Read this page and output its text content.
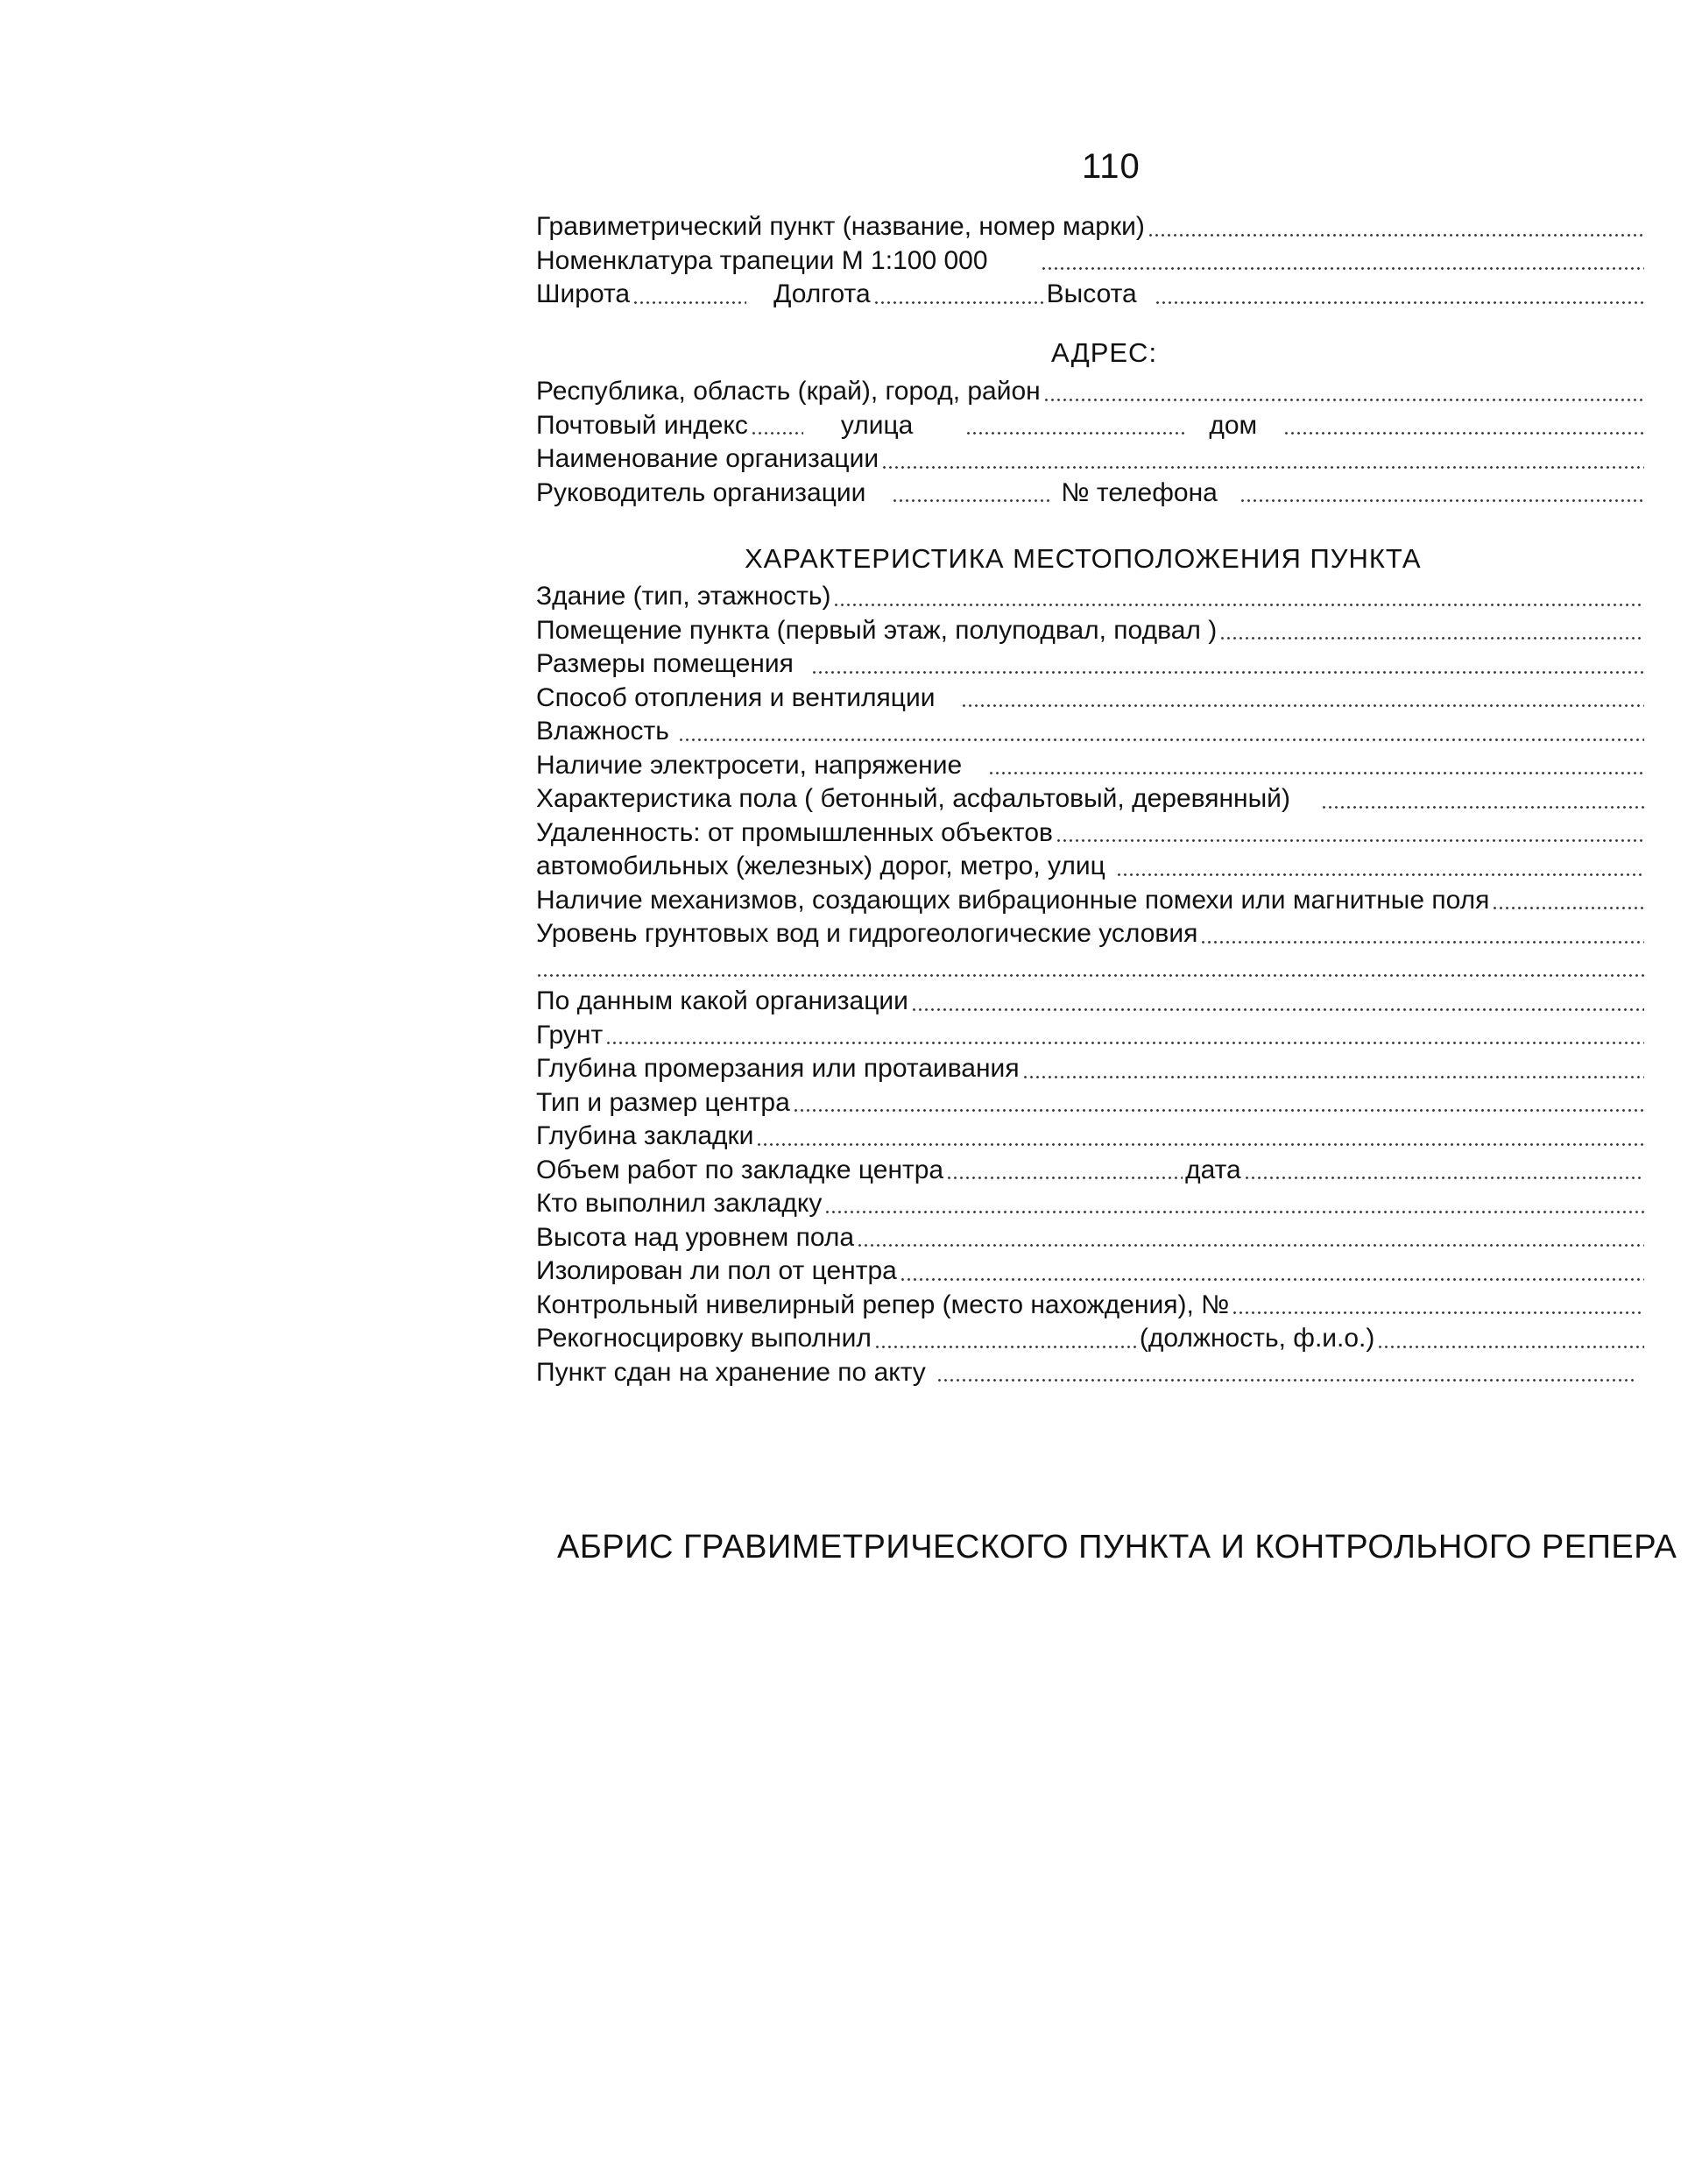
110
Гравиметрический пункт (название, номер марки)
Номенклатура трапеции М 1:100 000
Широта	Долгота	Высота
АДРЕС:
Республика, область (край), город, район
Почтовый индекс	улица	дом
Наименование организации
Руководитель организации	№ телефона
ХАРАКТЕРИСТИКА МЕСТОПОЛОЖЕНИЯ ПУНКТА
Здание (тип, этажность)
Помещение пункта (первый этаж, полуподвал, подвал )
Размеры помещения
Способ отопления и вентиляции
Влажность
Наличие электросети, напряжение
Характеристика пола ( бетонный, асфальтовый, деревянный)
Удаленность: от промышленных объектов
автомобильных (железных) дорог, метро, улиц
Наличие механизмов, создающих вибрационные помехи или магнитные поля
Уровень грунтовых вод и гидрогеологические условия
По данным какой организации
Грунт
Глубина промерзания или протаивания
Тип и размер центра
Глубина закладки
Объем работ по закладке центра	дата
Кто выполнил закладку
Высота над уровнем пола
Изолирован ли пол от центра
Контрольный нивелирный репер (место нахождения), №
Рекогносцировку выполнил	(должность, ф.и.о.)
Пункт сдан на хранение по акту
АБРИС ГРАВИМЕТРИЧЕСКОГО ПУНКТА И КОНТРОЛЬНОГО РЕПЕРА
